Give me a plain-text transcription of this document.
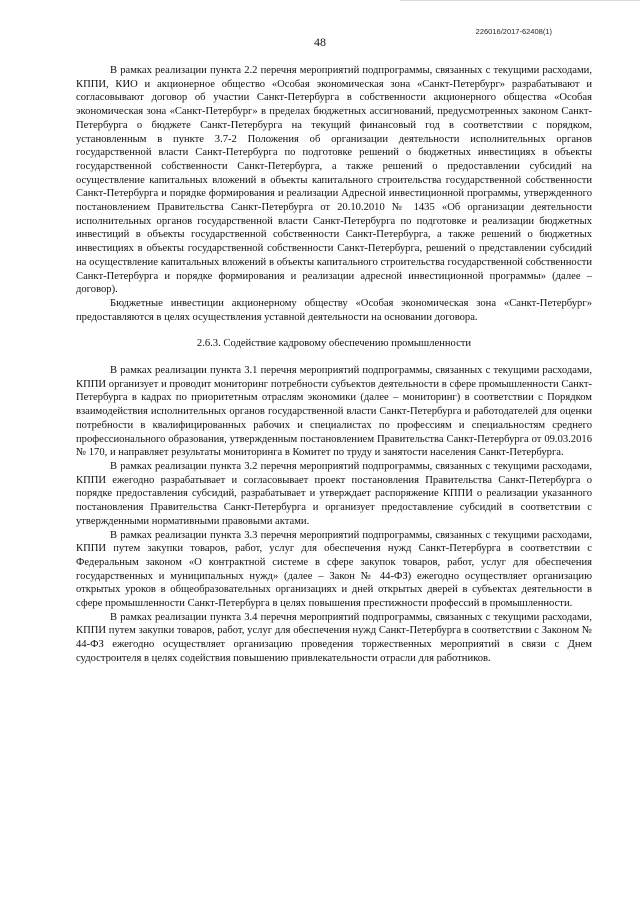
226016/2017-62408(1)
48

В рамках реализации пункта 2.2 перечня мероприятий подпрограммы, связанных с текущими расходами, КППИ, КИО и акционерное общество «Особая экономическая зона «Санкт-Петербург» разрабатывают и согласовывают договор об участии Санкт-Петербурга в собственности акционерного общества «Особая экономическая зона «Санкт-Петербург» в пределах бюджетных ассигнований, предусмотренных законом Санкт-Петербурга о бюджете Санкт-Петербурга на текущий финансовый год в соответствии с порядком, установленным в пункте 3.7-2 Положения об организации деятельности исполнительных органов государственной власти Санкт-Петербурга по подготовке решений о бюджетных инвестициях в объекты государственной собственности Санкт-Петербурга, а также решений о предоставлении субсидий на осуществление капитальных вложений в объекты капитального строительства государственной собственности Санкт-Петербурга и порядке формирования и реализации Адресной инвестиционной программы, утвержденного постановлением Правительства Санкт-Петербурга от 20.10.2010 № 1435 «Об организации деятельности исполнительных органов государственной власти Санкт-Петербурга по подготовке и реализации бюджетных инвестиций в объекты государственной собственности Санкт-Петербурга, а также решений о бюджетных инвестициях в объекты государственной собственности Санкт-Петербурга, решений о представлении субсидий на осуществление капитальных вложений в объекты капитального строительства государственной собственности Санкт-Петербурга и порядке формирования и реализации адресной инвестиционной программы» (далее – договор).

Бюджетные инвестиции акционерному обществу «Особая экономическая зона «Санкт-Петербург» предоставляются в целях осуществления уставной деятельности на основании договора.

2.6.3. Содействие кадровому обеспечению промышленности

В рамках реализации пункта 3.1 перечня мероприятий подпрограммы, связанных с текущими расходами, КППИ организует и проводит мониторинг потребности субъектов деятельности в сфере промышленности Санкт-Петербурга в кадрах по приоритетным отраслям экономики (далее – мониторинг) в соответствии с Порядком взаимодействия исполнительных органов государственной власти Санкт-Петербурга и работодателей для оценки потребности в квалифицированных рабочих и специалистах по профессиям и специальностям среднего профессионального образования, утвержденным постановлением Правительства Санкт-Петербурга от 09.03.2016 № 170, и направляет результаты мониторинга в Комитет по труду и занятости населения Санкт-Петербурга.

В рамках реализации пункта 3.2 перечня мероприятий подпрограммы, связанных с текущими расходами, КППИ ежегодно разрабатывает и согласовывает проект постановления Правительства Санкт-Петербурга о порядке предоставления субсидий, разрабатывает и утверждает распоряжение КППИ о реализации указанного постановления Правительства Санкт-Петербурга и организует предоставление субсидий в соответствии с утвержденными нормативными правовыми актами.

В рамках реализации пункта 3.3 перечня мероприятий подпрограммы, связанных с текущими расходами, КППИ путем закупки товаров, работ, услуг для обеспечения нужд Санкт-Петербурга в соответствии с Федеральным законом «О контрактной системе в сфере закупок товаров, работ, услуг для обеспечения государственных и муниципальных нужд» (далее – Закон № 44-ФЗ) ежегодно осуществляет организацию открытых уроков в общеобразовательных организациях и дней открытых дверей в субъектах деятельности в сфере промышленности Санкт-Петербурга в целях повышения престижности профессий в промышленности.

В рамках реализации пункта 3.4 перечня мероприятий подпрограммы, связанных с текущими расходами, КППИ путем закупки товаров, работ, услуг для обеспечения нужд Санкт-Петербурга в соответствии с Законом № 44-ФЗ ежегодно осуществляет организацию проведения торжественных мероприятий в связи с Днем судостроителя в целях содействия повышению привлекательности отрасли для работников.
